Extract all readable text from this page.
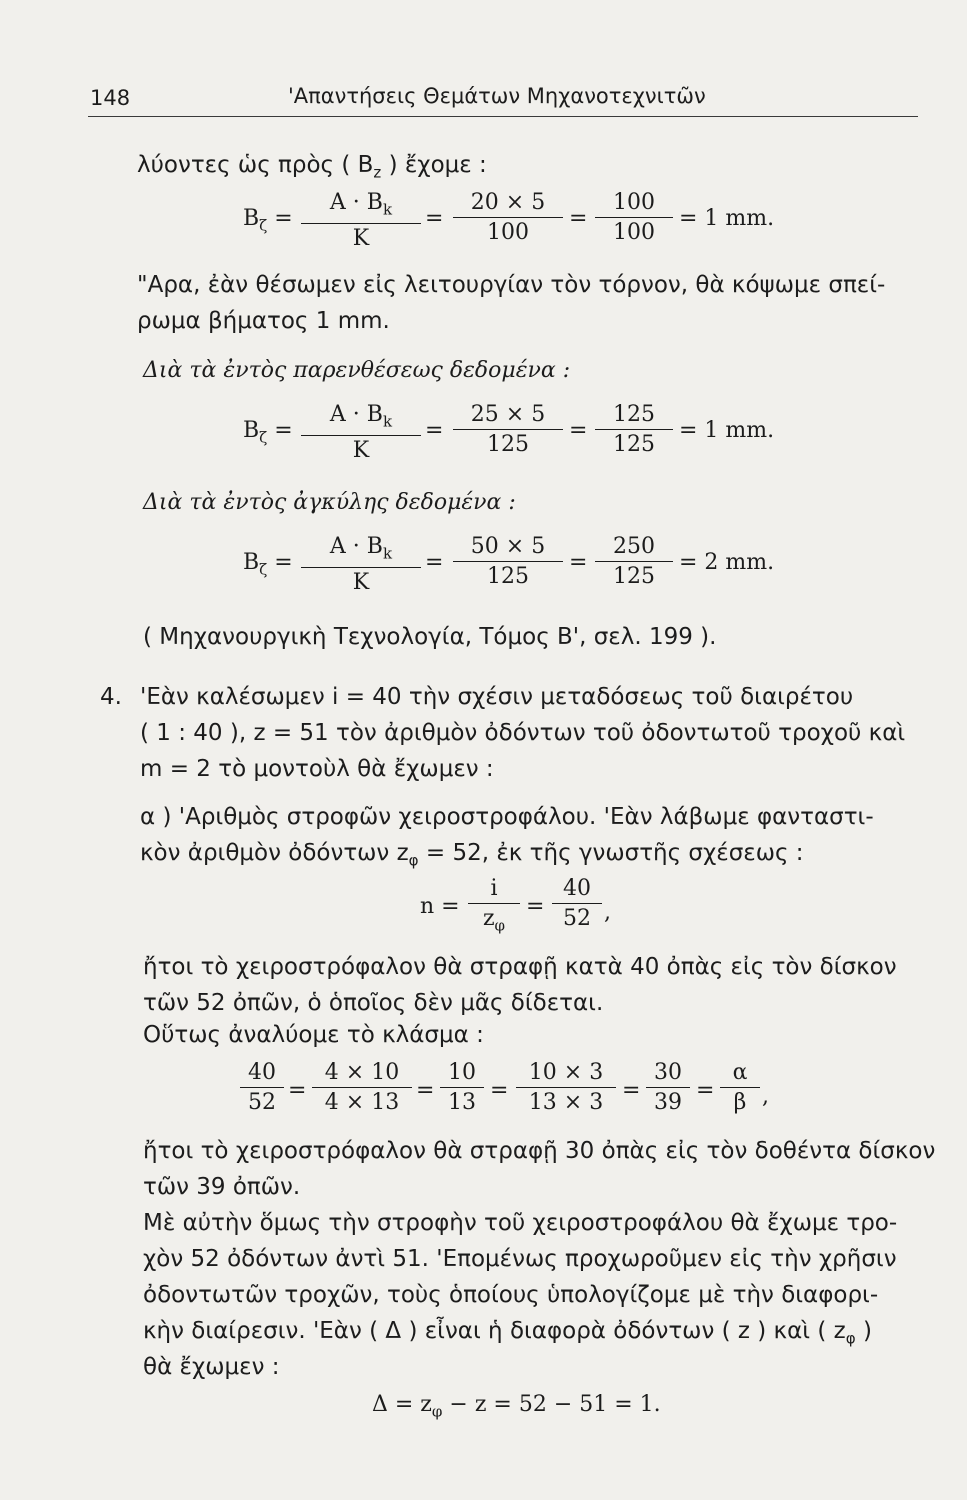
148	'Απαντήσεις Θεμάτων Μηχανοτεχνιτῶν
λύοντες ὡς πρὸς ( $B_z$ ) ἔχομε :
$B_\zeta = \frac{A \cdot B_k}{K} = \frac{20 \times 5}{100} = \frac{100}{100} = 1$ mm.
"Αρα, ἐὰν θέσωμεν εἰς λειτουργίαν τὸν τόρνον, θὰ κόψωμε σπεί-
ρωμα βήματος 1 mm.
Διὰ τὰ ἐντὸς παρενθέσεως δεδομένα :
$B_\zeta = \frac{A \cdot B_k}{K} = \frac{25 \times 5}{125} = \frac{125}{125} = 1$ mm.
Διὰ τὰ ἐντὸς ἀγκύλης δεδομένα :
$B_\zeta = \frac{A \cdot B_k}{K} = \frac{50 \times 5}{125} = \frac{250}{125} = 2$ mm.
( Μηχανουργικὴ Τεχνολογία, Τόμος Β', σελ. 199 ).
4. 'Εὰν καλέσωμεν i = 40 τὴν σχέσιν μεταδόσεως τοῦ διαιρέτου
( 1 : 40 ), z = 51 τὸν ἀριθμὸν ὀδόντων τοῦ ὀδοντωτοῦ τροχοῦ καὶ
m = 2 τὸ μοντοὺλ θὰ ἔχωμεν :
α ) 'Αριθμὸς στροφῶν χειροστροφάλου. 'Εὰν λάβωμε φανταστι-
κὸν ἀριθμὸν ὀδόντων $z_\varphi = 52$, ἐκ τῆς γνωστῆς σχέσεως :
$n = \frac{i}{z_\varphi} = \frac{40}{52}$ ,
ἤτοι τὸ χειροστρόφαλον θὰ στραφῇ κατὰ 40 ὀπὰς εἰς τὸν δίσκον
τῶν 52 ὀπῶν, ὁ ὁποῖος δὲν μᾶς δίδεται.
Οὕτως ἀναλύομε τὸ κλάσμα :
$\frac{40}{52} = \frac{4 \times 10}{4 \times 13} = \frac{10}{13} = \frac{10 \times 3}{13 \times 3} = \frac{30}{39} = \frac{\alpha}{\beta}$ ,
ἤτοι τὸ χειροστρόφαλον θὰ στραφῇ 30 ὀπὰς εἰς τὸν δοθέντα δίσκον
τῶν 39 ὀπῶν.
Μὲ αὐτὴν ὅμως τὴν στροφὴν τοῦ χειροστροφάλου θὰ ἔχωμε τρο-
χὸν 52 ὀδόντων ἀντὶ 51. 'Επομένως προχωροῦμεν εἰς τὴν χρῆσιν
ὀδοντωτῶν τροχῶν, τοὺς ὁποίους ὑπολογίζομε μὲ τὴν διαφορι-
κὴν διαίρεσιν. 'Εὰν ( Δ ) εἶναι ἡ διαφορὰ ὀδόντων ( z ) καὶ ( $z_\varphi$ )
θὰ ἔχωμεν :
$\Delta = z_\varphi - z = 52 - 51 = 1$.
